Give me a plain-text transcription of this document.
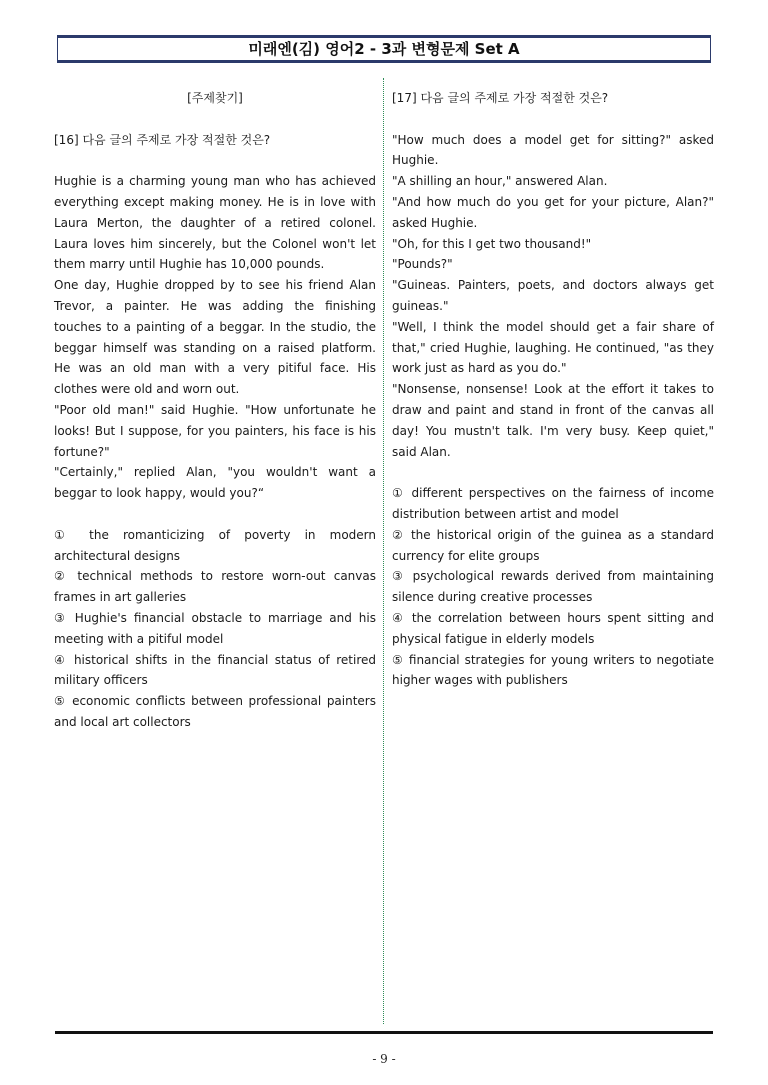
미래엔(김) 영어2 - 3과 변형문제 Set A

[주제찾기]

[16] 다음 글의 주제로 가장 적절한 것은?

Hughie is a charming young man who has achieved everything except making money. He is in love with Laura Merton, the daughter of a retired colonel. Laura loves him sincerely, but the Colonel won't let them marry until Hughie has 10,000 pounds.

One day, Hughie dropped by to see his friend Alan Trevor, a painter. He was adding the finishing touches to a painting of a beggar. In the studio, the beggar himself was standing on a raised platform. He was an old man with a very pitiful face. His clothes were old and worn out.

"Poor old man!" said Hughie. "How unfortunate he looks! But I suppose, for you painters, his face is his fortune?"

"Certainly," replied Alan, "you wouldn't want a beggar to look happy, would you?“

① the romanticizing of poverty in modern architectural designs

② technical methods to restore worn-out canvas frames in art galleries

③ Hughie's financial obstacle to marriage and his meeting with a pitiful model

④ historical shifts in the financial status of retired military officers

⑤ economic conflicts between professional painters and local art collectors

[17] 다음 글의 주제로 가장 적절한 것은?

"How much does a model get for sitting?" asked Hughie.

"A shilling an hour," answered Alan.

"And how much do you get for your picture, Alan?" asked Hughie.

"Oh, for this I get two thousand!"

"Pounds?"

"Guineas. Painters, poets, and doctors always get guineas."

"Well, I think the model should get a fair share of that," cried Hughie, laughing. He continued, "as they work just as hard as you do."

"Nonsense, nonsense! Look at the effort it takes to draw and paint and stand in front of the canvas all day! You mustn't talk. I'm very busy. Keep quiet," said Alan.

① different perspectives on the fairness of income distribution between artist and model

② the historical origin of the guinea as a standard currency for elite groups

③ psychological rewards derived from maintaining silence during creative processes

④ the correlation between hours spent sitting and physical fatigue in elderly models

⑤ financial strategies for young writers to negotiate higher wages with publishers

- 9 -
